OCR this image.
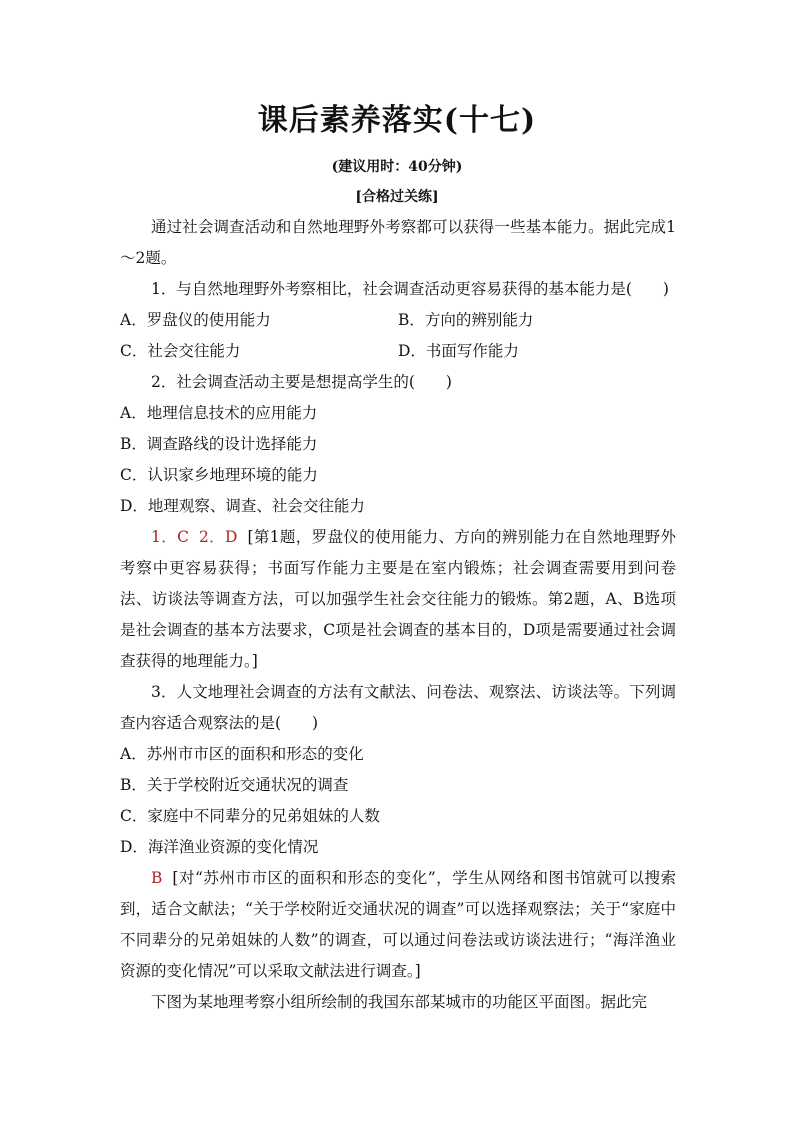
课后素养落实(十七)
(建议用时：40分钟)
[合格过关练]

通过社会调查活动和自然地理野外考察都可以获得一些基本能力。据此完成1～2题。

1．与自然地理野外考察相比，社会调查活动更容易获得的基本能力是(　　)

A．罗盘仪的使用能力	B．方向的辨别能力
C．社会交往能力	D．书面写作能力

2．社会调查活动主要是想提高学生的(　　)

A．地理信息技术的应用能力

B．调查路线的设计选择能力

C．认识家乡地理环境的能力

D．地理观察、调查、社会交往能力

1．C 2．D [第1题，罗盘仪的使用能力、方向的辨别能力在自然地理野外考察中更容易获得；书面写作能力主要是在室内锻炼；社会调查需要用到问卷法、访谈法等调查方法，可以加强学生社会交往能力的锻炼。第2题，A、B选项是社会调查的基本方法要求，C项是社会调查的基本目的，D项是需要通过社会调查获得的地理能力。]

3．人文地理社会调查的方法有文献法、问卷法、观察法、访谈法等。下列调查内容适合观察法的是(　　)

A．苏州市市区的面积和形态的变化

B．关于学校附近交通状况的调查

C．家庭中不同辈分的兄弟姐妹的人数

D．海洋渔业资源的变化情况

B [对“苏州市市区的面积和形态的变化”，学生从网络和图书馆就可以搜索到，适合文献法；“关于学校附近交通状况的调查”可以选择观察法；关于“家庭中不同辈分的兄弟姐妹的人数”的调查，可以通过问卷法或访谈法进行；“海洋渔业资源的变化情况”可以采取文献法进行调查。]

下图为某地理考察小组所绘制的我国东部某城市的功能区平面图。据此完
